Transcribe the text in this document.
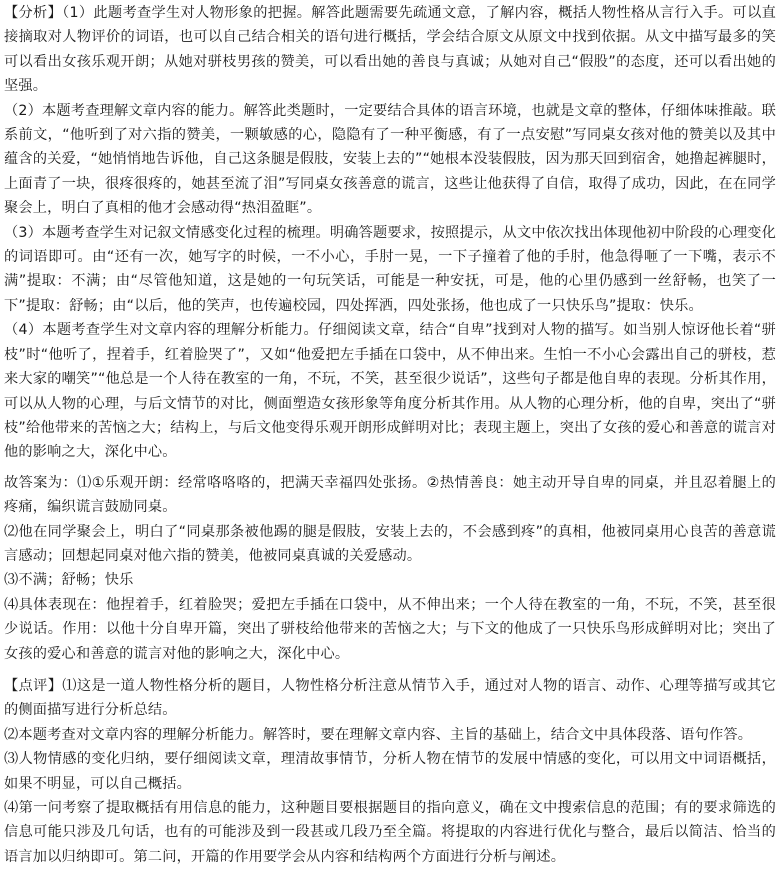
【分析】（1）此题考查学生对人物形象的把握。解答此题需要先疏通文意，了解内容，概括人物性格从言行入手。可以直接摘取对人物评价的词语，也可以自己结合相关的语句进行概括，学会结合原文从原文中找到依据。从文中描写最多的笑可以看出女孩乐观开朗；从她对骈枝男孩的赞美，可以看出她的善良与真诚；从她对自己“假股”的态度，还可以看出她的坚强。

（2）本题考查理解文章内容的能力。解答此类题时，一定要结合具体的语言环境，也就是文章的整体，仔细体味推敲。联系前文，“他听到了对六指的赞美，一颗敏感的心，隐隐有了一种平衡感，有了一点安慰”写同桌女孩对他的赞美以及其中蕴含的关爱，“她悄悄地告诉他，自己这条腿是假肢，安装上去的”“她根本没装假肢，因为那天回到宿舍，她撸起裤腿时，上面青了一块，很疼很疼的，她甚至流了泪”写同桌女孩善意的谎言，这些让他获得了自信，取得了成功，因此，在在同学聚会上，明白了真相的他才会感动得“热泪盈眶”。

（3）本题考查学生对记叙文情感变化过程的梳理。明确答题要求，按照提示，从文中依次找出体现他初中阶段的心理变化的词语即可。由“还有一次，她写字的时候，一不小心，手肘一晃，一下子撞着了他的手肘，他急得咂了一下嘴，表示不满”提取：不满；由“尽管他知道，这是她的一句玩笑话，可能是一种安抚，可是，他的心里仍感到一丝舒畅，也笑了一下”提取：舒畅；由“以后，他的笑声，也传遍校园，四处挥洒，四处张扬，他也成了一只快乐鸟”提取：快乐。

（4）本题考查学生对文章内容的理解分析能力。仔细阅读文章，结合“自卑”找到对人物的描写。如当别人惊讶他长着“骈枝”时“他听了，捏着手，红着脸哭了”，又如“他爱把左手插在口袋中，从不伸出来。生怕一不小心会露出自己的骈枝，惹来大家的嘲笑”“他总是一个人待在教室的一角，不玩，不笑，甚至很少说话”，这些句子都是他自卑的表现。分析其作用，可以从人物的心理，与后文情节的对比，侧面塑造女孩形象等角度分析其作用。从人物的心理分析，他的自卑，突出了“骈枝”给他带来的苦恼之大；结构上，与后文他变得乐观开朗形成鲜明对比；表现主题上，突出了女孩的爱心和善意的谎言对他的影响之大，深化中心。

故答案为：⑴①乐观开朗：经常咯咯咯的，把满天幸福四处张扬。②热情善良：她主动开导自卑的同桌，并且忍着腿上的疼痛，编织谎言鼓励同桌。

⑵他在同学聚会上，明白了“同桌那条被他踢的腿是假肢，安装上去的，不会感到疼”的真相，他被同桌用心良苦的善意谎言感动；回想起同桌对他六指的赞美，他被同桌真诚的关爱感动。

⑶不满；舒畅；快乐

⑷具体表现在：他捏着手，红着脸哭；爱把左手插在口袋中，从不伸出来；一个人待在教室的一角，不玩，不笑，甚至很少说话。作用：以他十分自卑开篇，突出了骈枝给他带来的苦恼之大；与下文的他成了一只快乐鸟形成鲜明对比；突出了女孩的爱心和善意的谎言对他的影响之大，深化中心。

【点评】⑴这是一道人物性格分析的题目，人物性格分析注意从情节入手，通过对人物的语言、动作、心理等描写或其它的侧面描写进行分析总结。

⑵本题考查对文章内容的理解分析能力。解答时，要在理解文章内容、主旨的基础上，结合文中具体段落、语句作答。

⑶人物情感的变化归纳，要仔细阅读文章，理清故事情节，分析人物在情节的发展中情感的变化，可以用文中词语概括，如果不明显，可以自己概括。

⑷第一问考察了提取概括有用信息的能力，这种题目要根据题目的指向意义，确在文中搜索信息的范围；有的要求筛选的信息可能只涉及几句话，也有的可能涉及到一段甚或几段乃至全篇。将提取的内容进行优化与整合，最后以简洁、恰当的语言加以归纳即可。第二问，开篇的作用要学会从内容和结构两个方面进行分析与阐述。
